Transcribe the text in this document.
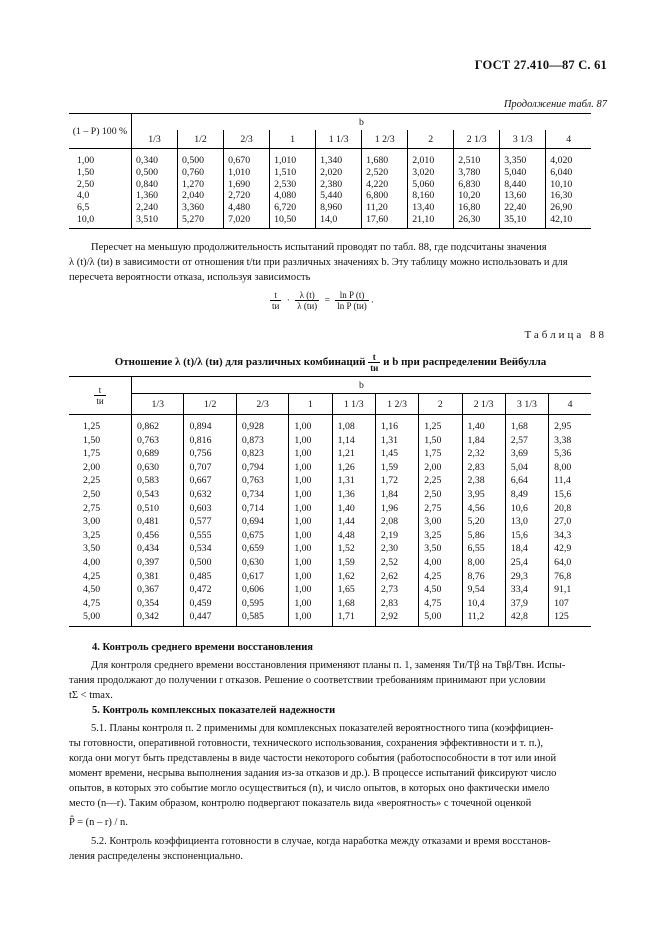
ГОСТ 27.410—87 С. 61
Продолжение табл. 87
(1 – P) 100 %	b									
	1/3	1/2	2/3	1	1 1/3	1 2/3	2	2 1/3	3 1/3	4
1,00	0,340	0,500	0,670	1,010	1,340	1,680	2,010	2,510	3,350	4,020
1,50	0,500	0,760	1,010	1,510	2,020	2,520	3,020	3,780	5,040	6,040
2,50	0,840	1,270	1,690	2,530	2,380	4,220	5,060	6,830	8,440	10,10
4,0	1,360	2,040	2,720	4,080	5,440	6,800	8,160	10,20	13,60	16,30
6,5	2,240	3,360	4,480	6,720	8,960	11,20	13,40	16,80	22,40	26,90
10,0	3,510	5,270	7,020	10,50	14,0	17,60	21,10	26,30	35,10	42,10

Пересчет на меньшую продолжительность испытаний проводят по табл. 88, где подсчитаны значения

λ (t)/λ (tи) в зависимости от отношения t/tи при различных значениях b. Эту таблицу можно использовать и для
пересчета вероятности отказа, используя зависимость
$\frac{t}{tи} \cdot \frac{\lambda (t)}{\lambda (tи)} = \frac{\text{ln P (t)}}{\text{ln P (tи)}}$ .
Таблица 88
Отношение λ (t)/λ (tи) для различных комбинаций $\frac{t}{tи}$ и b при распределении Вейбулла
$\frac{t}{tи}$	b									
	1/3	1/2	2/3	1	1 1/3	1 2/3	2	2 1/3	3 1/3	4
1,25	0,862	0,894	0,928	1,00	1,08	1,16	1,25	1,40	1,68	2,95
1,50	0,763	0,816	0,873	1,00	1,14	1,31	1,50	1,84	2,57	3,38
1,75	0,689	0,756	0,823	1,00	1,21	1,45	1,75	2,32	3,69	5,36
2,00	0,630	0,707	0,794	1,00	1,26	1,59	2,00	2,83	5,04	8,00
2,25	0,583	0,667	0,763	1,00	1,31	1,72	2,25	2,38	6,64	11,4
2,50	0,543	0,632	0,734	1,00	1,36	1,84	2,50	3,95	8,49	15,6
2,75	0,510	0,603	0,714	1,00	1,40	1,96	2,75	4,56	10,6	20,8
3,00	0,481	0,577	0,694	1,00	1,44	2,08	3,00	5,20	13,0	27,0
3,25	0,456	0,555	0,675	1,00	4,48	2,19	3,25	5,86	15,6	34,3
3,50	0,434	0,534	0,659	1,00	1,52	2,30	3,50	6,55	18,4	42,9
4,00	0,397	0,500	0,630	1,00	1,59	2,52	4,00	8,00	25,4	64,0
4,25	0,381	0,485	0,617	1,00	1,62	2,62	4,25	8,76	29,3	76,8
4,50	0,367	0,472	0,606	1,00	1,65	2,73	4,50	9,54	33,4	91,1
4,75	0,354	0,459	0,595	1,00	1,68	2,83	4,75	10,4	37,9	107
5,00	0,342	0,447	0,585	1,00	1,71	2,92	5,00	11,2	42,8	125
4. Контроль среднего времени восстановления

Для контроля среднего времени восстановления применяют планы п. 1, заменяя Tи/Tβ на Tвβ/Tвн. Испы-

тания продолжают до получении r отказов. Решение о соответствии требованиям принимают при условии
tΣ < tmax.
5. Контроль комплексных показателей надежности

5.1. Планы контроля п. 2 применимы для комплексных показателей вероятностного типа (коэффициен-

ты готовности, оперативной готовности, технического использования, сохранения эффективности и т. п.),
когда они могут быть представлены в виде частости некоторого события (работоспособности в тот или иной
момент времени, несрыва выполнения задания из-за отказов и др.). В процессе испытаний фиксируют число
опытов, в которых это событие могло осуществиться (n), и число опытов, в которых оно фактически имело
место (n—r). Таким образом, контролю подвергают показатель вида «вероятность» с точечной оценкой
P̂ = (n – r) / n.

5.2. Контроль коэффициента готовности в случае, когда наработка между отказами и время восстанов-

ления распределены экспоненциально.
